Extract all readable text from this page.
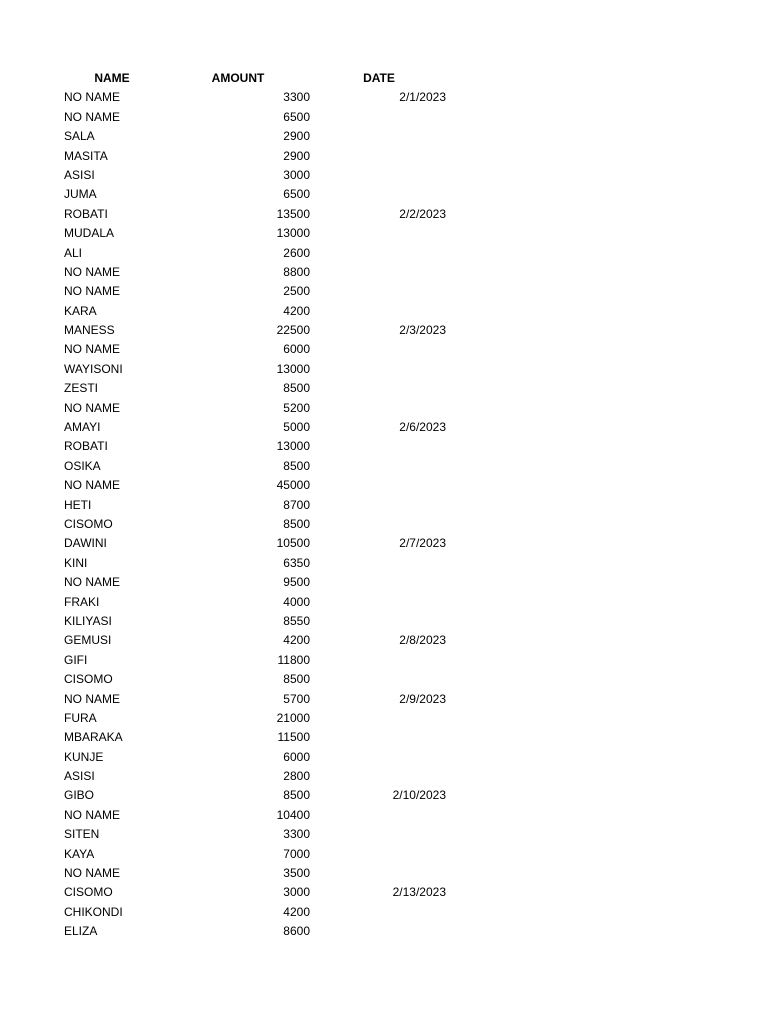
NAME	AMOUNT	DATE
NO NAME	3300	2/1/2023
NO NAME	6500
SALA	2900
MASITA	2900
ASISI	3000
JUMA	6500
ROBATI	13500	2/2/2023
MUDALA	13000
ALI	2600
NO NAME	8800
NO NAME	2500
KARA	4200
MANESS	22500	2/3/2023
NO NAME	6000
WAYISONI	13000
ZESTI	8500
NO NAME	5200
AMAYI	5000	2/6/2023
ROBATI	13000
OSIKA	8500
NO NAME	45000
HETI	8700
CISOMO	8500
DAWINI	10500	2/7/2023
KINI	6350
NO NAME	9500
FRAKI	4000
KILIYASI	8550
GEMUSI	4200	2/8/2023
GIFI	11800
CISOMO	8500
NO NAME	5700	2/9/2023
FURA	21000
MBARAKA	11500
KUNJE	6000
ASISI	2800
GIBO	8500	2/10/2023
NO NAME	10400
SITEN	3300
KAYA	7000
NO NAME	3500
CISOMO	3000	2/13/2023
CHIKONDI	4200
ELIZA	8600
